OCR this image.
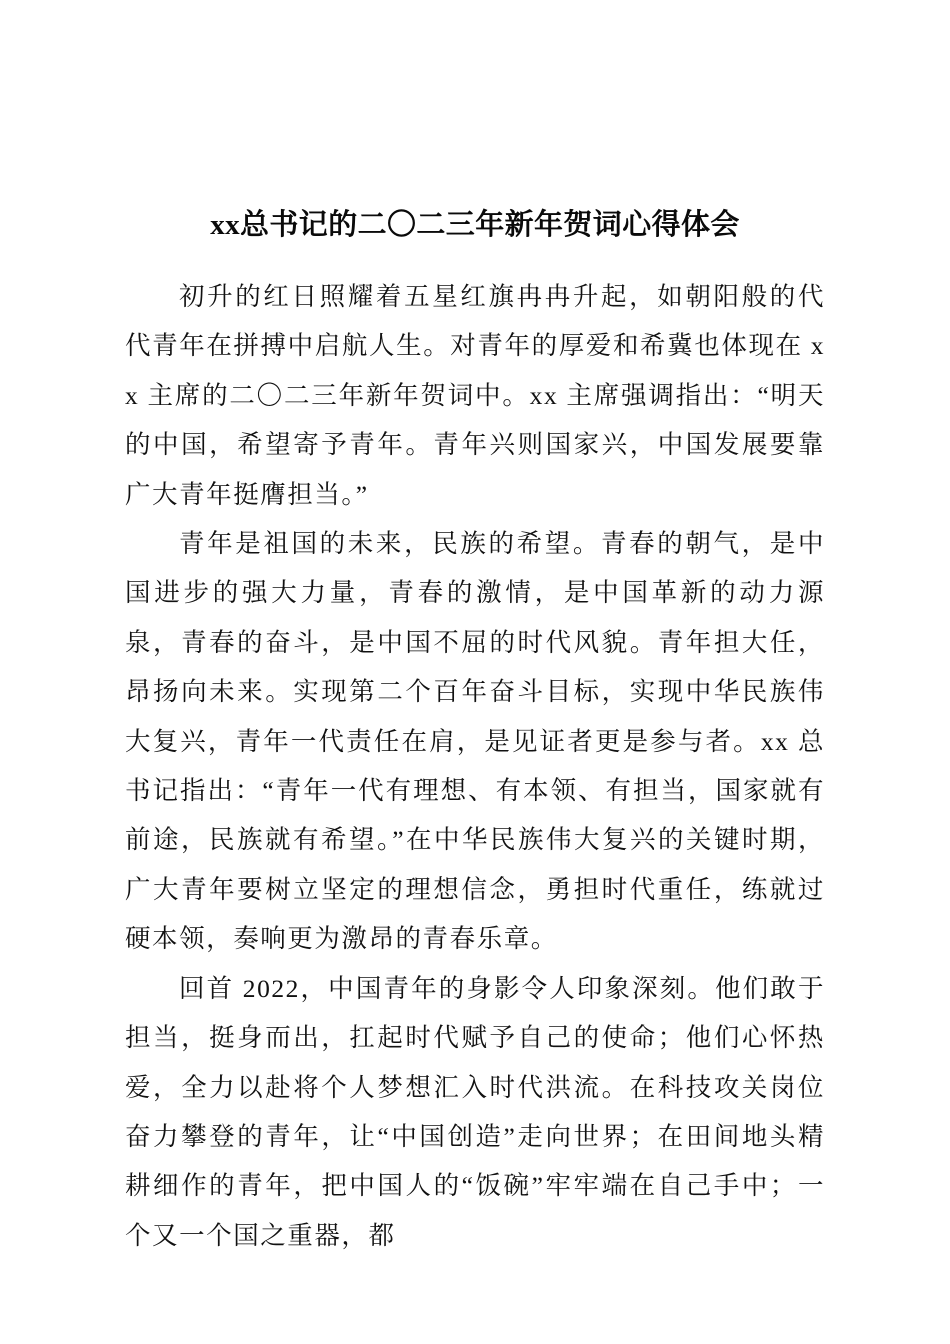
xx总书记的二〇二三年新年贺词心得体会

初升的红日照耀着五星红旗冉冉升起，如朝阳般的代代青年在拼搏中启航人生。对青年的厚爱和希冀也体现在 xx 主席的二〇二三年新年贺词中。xx 主席强调指出：“明天的中国，希望寄予青年。青年兴则国家兴，中国发展要靠广大青年挺膺担当。”

青年是祖国的未来，民族的希望。青春的朝气，是中国进步的强大力量，青春的激情，是中国革新的动力源泉，青春的奋斗，是中国不屈的时代风貌。青年担大任，昂扬向未来。实现第二个百年奋斗目标，实现中华民族伟大复兴，青年一代责任在肩，是见证者更是参与者。xx 总书记指出：“青年一代有理想、有本领、有担当，国家就有前途，民族就有希望。”在中华民族伟大复兴的关键时期，广大青年要树立坚定的理想信念，勇担时代重任，练就过硬本领，奏响更为激昂的青春乐章。

回首 2022，中国青年的身影令人印象深刻。他们敢于担当，挺身而出，扛起时代赋予自己的使命；他们心怀热爱，全力以赴将个人梦想汇入时代洪流。在科技攻关岗位奋力攀登的青年，让“中国创造”走向世界；在田间地头精耕细作的青年，把中国人的“饭碗”牢牢端在自己手中；一个又一个国之重器，都
